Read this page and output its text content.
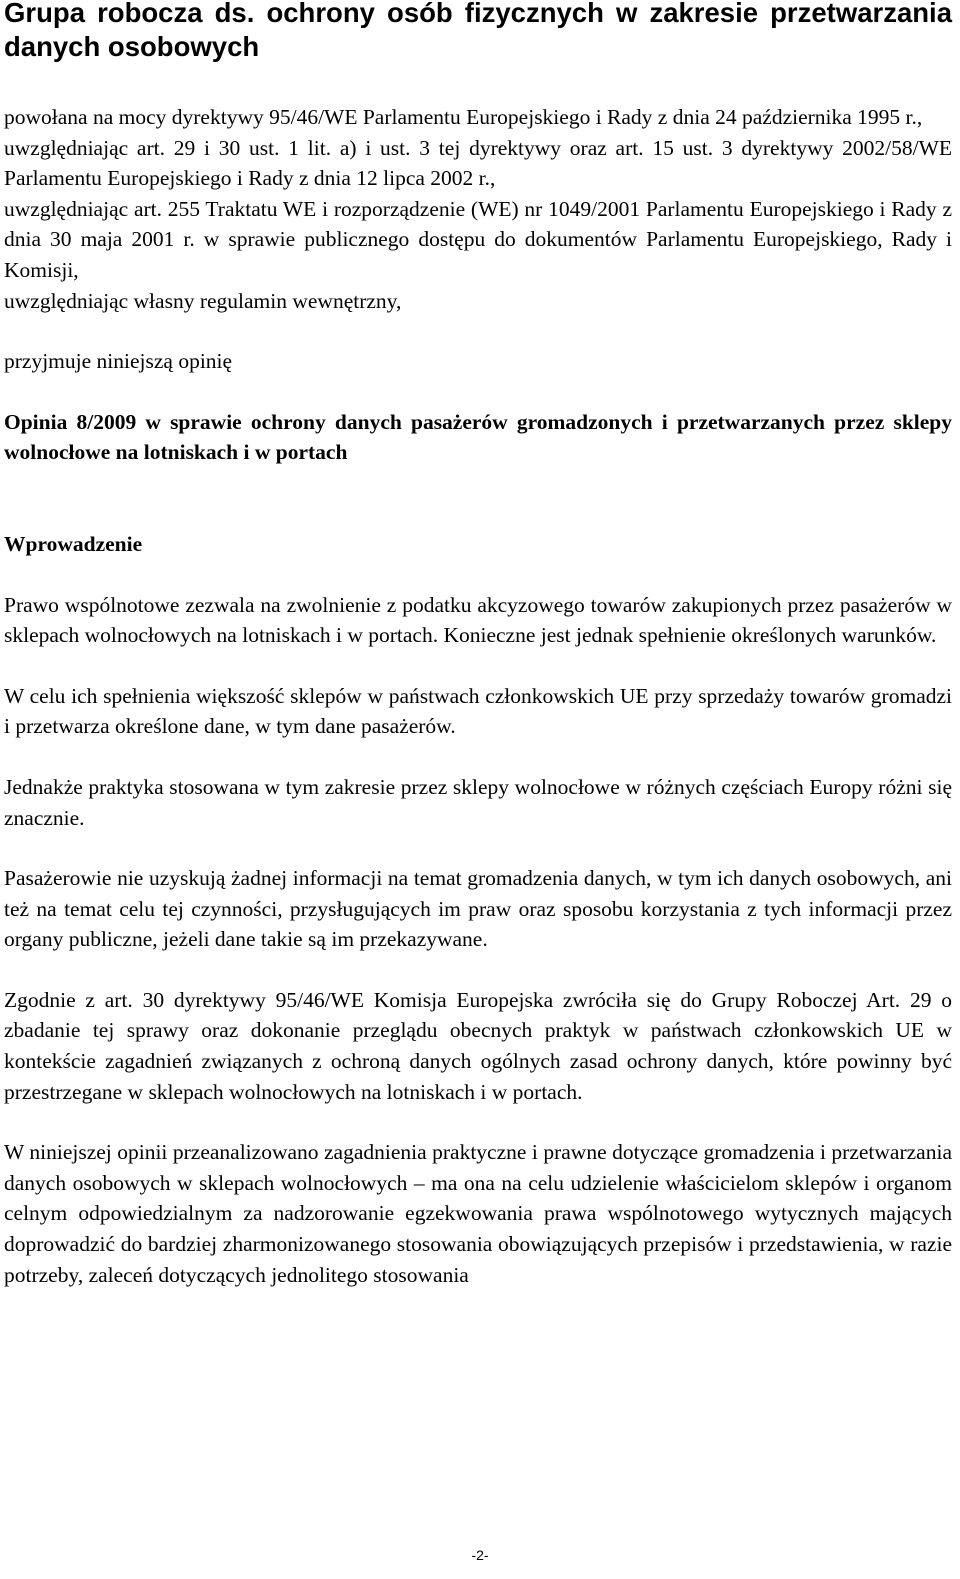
Grupa robocza ds. ochrony osób fizycznych w zakresie przetwarzania danych osobowych

powołana na mocy dyrektywy 95/46/WE Parlamentu Europejskiego i Rady z dnia 24 października 1995 r.,

uwzględniając art. 29 i 30 ust. 1 lit. a) i ust. 3 tej dyrektywy oraz art. 15 ust. 3 dyrektywy 2002/58/WE Parlamentu Europejskiego i Rady z dnia 12 lipca 2002 r.,

uwzględniając art. 255 Traktatu WE i rozporządzenie (WE) nr 1049/2001 Parlamentu Europejskiego i Rady z dnia 30 maja 2001 r. w sprawie publicznego dostępu do dokumentów Parlamentu Europejskiego, Rady i Komisji,

uwzględniając własny regulamin wewnętrzny,

przyjmuje niniejszą opinię

Opinia 8/2009 w sprawie ochrony danych pasażerów gromadzonych i przetwarzanych przez sklepy wolnocłowe na lotniskach i w portach

Wprowadzenie

Prawo wspólnotowe zezwala na zwolnienie z podatku akcyzowego towarów zakupionych przez pasażerów w sklepach wolnocłowych na lotniskach i w portach. Konieczne jest jednak spełnienie określonych warunków.

W celu ich spełnienia większość sklepów w państwach członkowskich UE przy sprzedaży towarów gromadzi i przetwarza określone dane, w tym dane pasażerów.

Jednakże praktyka stosowana w tym zakresie przez sklepy wolnocłowe w różnych częściach Europy różni się znacznie.

Pasażerowie nie uzyskują żadnej informacji na temat gromadzenia danych, w tym ich danych osobowych, ani też na temat celu tej czynności, przysługujących im praw oraz sposobu korzystania z tych informacji przez organy publiczne, jeżeli dane takie są im przekazywane.

Zgodnie z art. 30 dyrektywy 95/46/WE Komisja Europejska zwróciła się do Grupy Roboczej Art. 29 o zbadanie tej sprawy oraz dokonanie przeglądu obecnych praktyk w państwach członkowskich UE w kontekście zagadnień związanych z ochroną danych ogólnych zasad ochrony danych, które powinny być przestrzegane w sklepach wolnocłowych na lotniskach i w portach.

W niniejszej opinii przeanalizowano zagadnienia praktyczne i prawne dotyczące gromadzenia i przetwarzania danych osobowych w sklepach wolnocłowych – ma ona na celu udzielenie właścicielom sklepów i organom celnym odpowiedzialnym za nadzorowanie egzekwowania prawa wspólnotowego wytycznych mających doprowadzić do bardziej zharmonizowanego stosowania obowiązujących przepisów i przedstawienia, w razie potrzeby, zaleceń dotyczących jednolitego stosowania

-2-
